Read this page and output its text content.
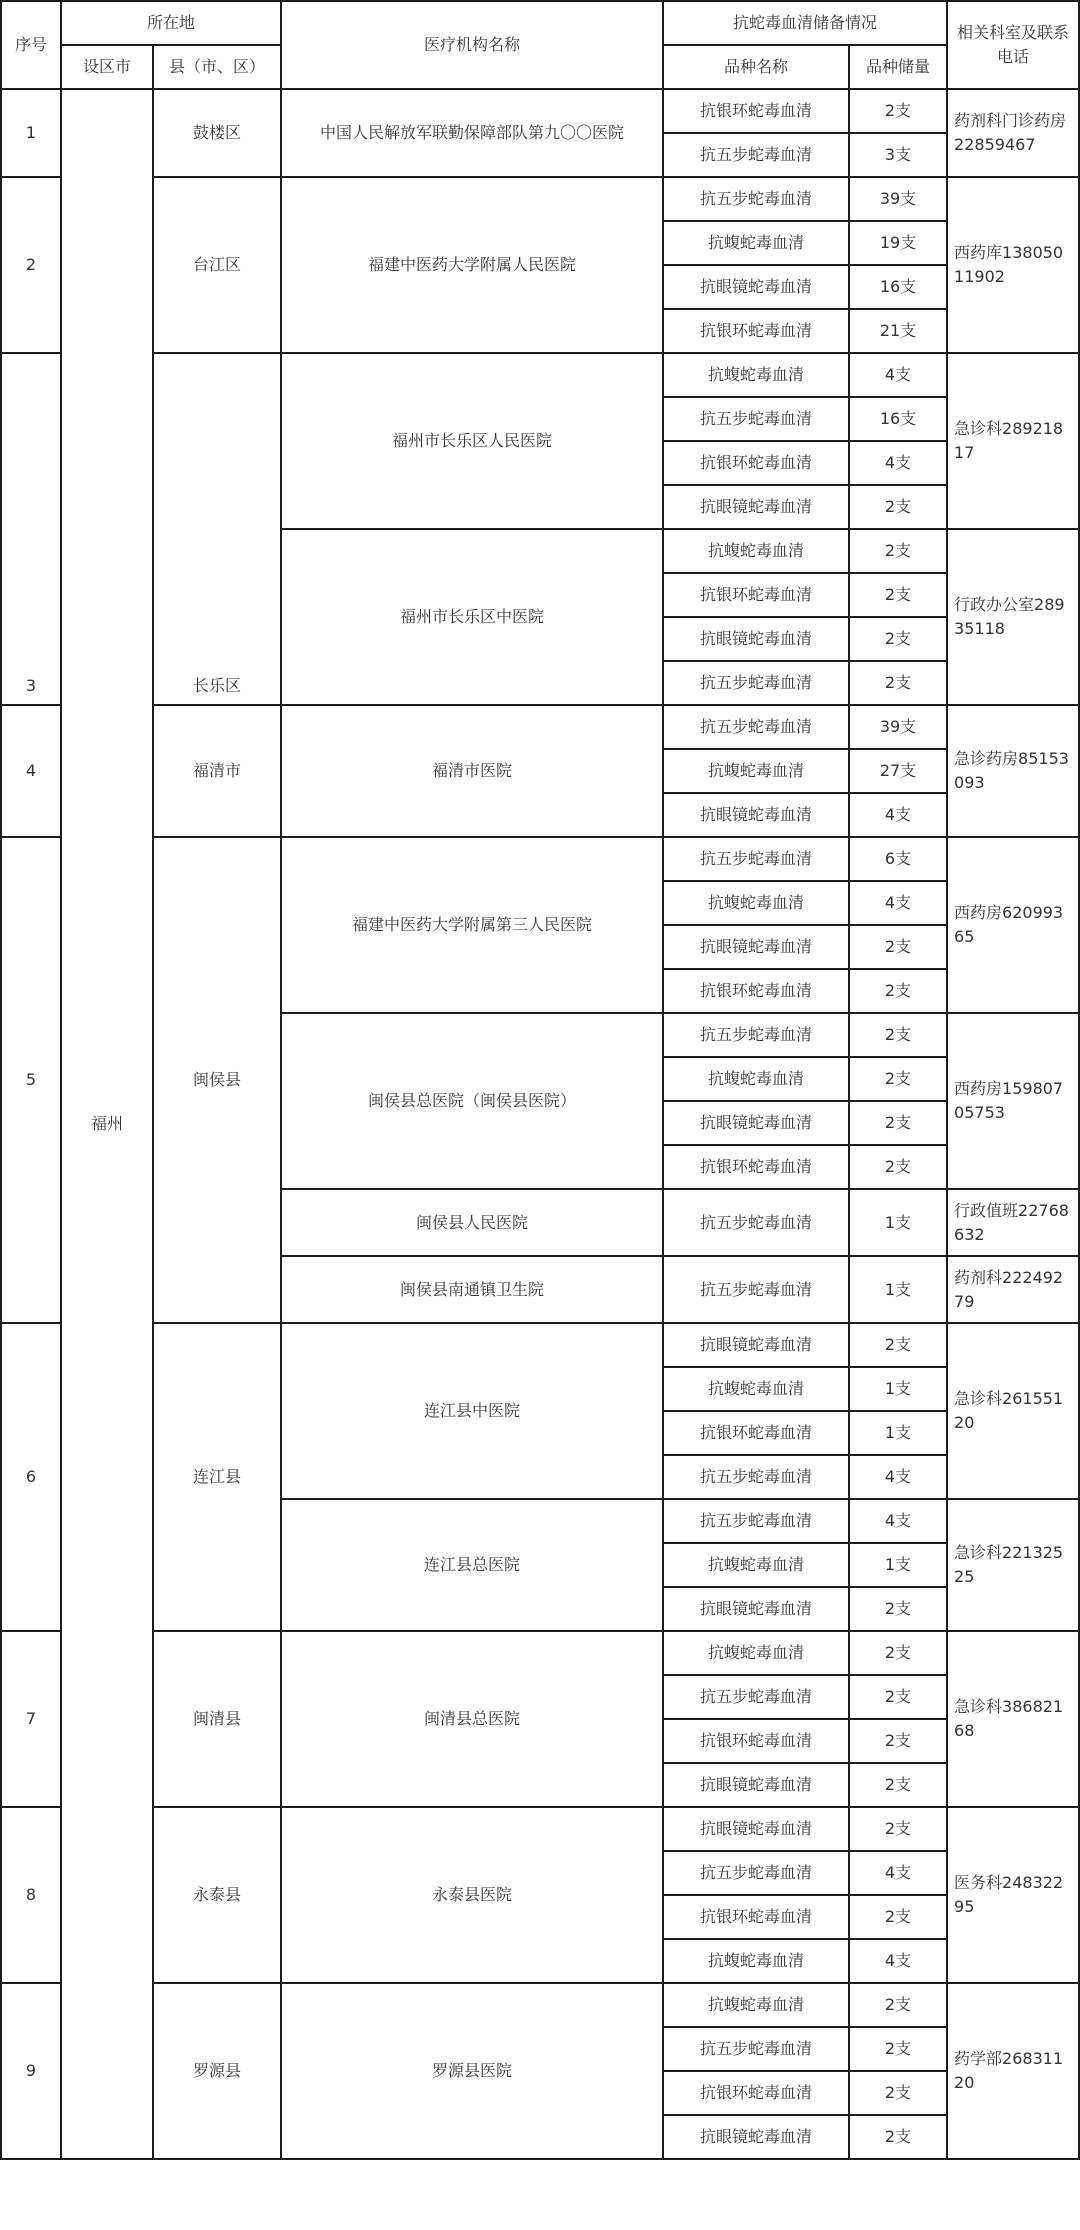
序号	所在地		医疗机构名称	抗蛇毒血清储备情况		相关科室及联系电话
	设区市	县（市、区）		品种名称	品种储量	
1	福州	鼓楼区	中国人民解放军联勤保障部队第九〇〇医院	抗银环蛇毒血清	2支	药剂科门诊药房22859467
				抗五步蛇毒血清	3支	
2		台江区	福建中医药大学附属人民医院	抗五步蛇毒血清	39支	西药库13805011902
				抗蝮蛇毒血清	19支	
				抗眼镜蛇毒血清	16支	
				抗银环蛇毒血清	21支	
3		长乐区	福州市长乐区人民医院	抗蝮蛇毒血清	4支	急诊科28921817
				抗五步蛇毒血清	16支	
				抗银环蛇毒血清	4支	
				抗眼镜蛇毒血清	2支	
			福州市长乐区中医院	抗蝮蛇毒血清	2支	行政办公室28935118
				抗银环蛇毒血清	2支	
				抗眼镜蛇毒血清	2支	
				抗五步蛇毒血清	2支	
4		福清市	福清市医院	抗五步蛇毒血清	39支	急诊药房85153093
				抗蝮蛇毒血清	27支	
				抗眼镜蛇毒血清	4支	
5		闽侯县	福建中医药大学附属第三人民医院	抗五步蛇毒血清	6支	西药房62099365
				抗蝮蛇毒血清	4支	
				抗眼镜蛇毒血清	2支	
				抗银环蛇毒血清	2支	
			闽侯县总医院（闽侯县医院）	抗五步蛇毒血清	2支	西药房15980705753
				抗蝮蛇毒血清	2支	
				抗眼镜蛇毒血清	2支	
				抗银环蛇毒血清	2支	
			闽侯县人民医院	抗五步蛇毒血清	1支	行政值班22768632
			闽侯县南通镇卫生院	抗五步蛇毒血清	1支	药剂科22249279
6		连江县	连江县中医院	抗眼镜蛇毒血清	2支	急诊科26155120
				抗蝮蛇毒血清	1支	
				抗银环蛇毒血清	1支	
				抗五步蛇毒血清	4支	
			连江县总医院	抗五步蛇毒血清	4支	急诊科22132525
				抗蝮蛇毒血清	1支	
				抗眼镜蛇毒血清	2支	
7		闽清县	闽清县总医院	抗蝮蛇毒血清	2支	急诊科38682168
				抗五步蛇毒血清	2支	
				抗银环蛇毒血清	2支	
				抗眼镜蛇毒血清	2支	
8		永泰县	永泰县医院	抗眼镜蛇毒血清	2支	医务科24832295
				抗五步蛇毒血清	4支	
				抗银环蛇毒血清	2支	
				抗蝮蛇毒血清	4支	
9		罗源县	罗源县医院	抗蝮蛇毒血清	2支	药学部26831120
				抗五步蛇毒血清	2支	
				抗银环蛇毒血清	2支	
				抗眼镜蛇毒血清	2支	
